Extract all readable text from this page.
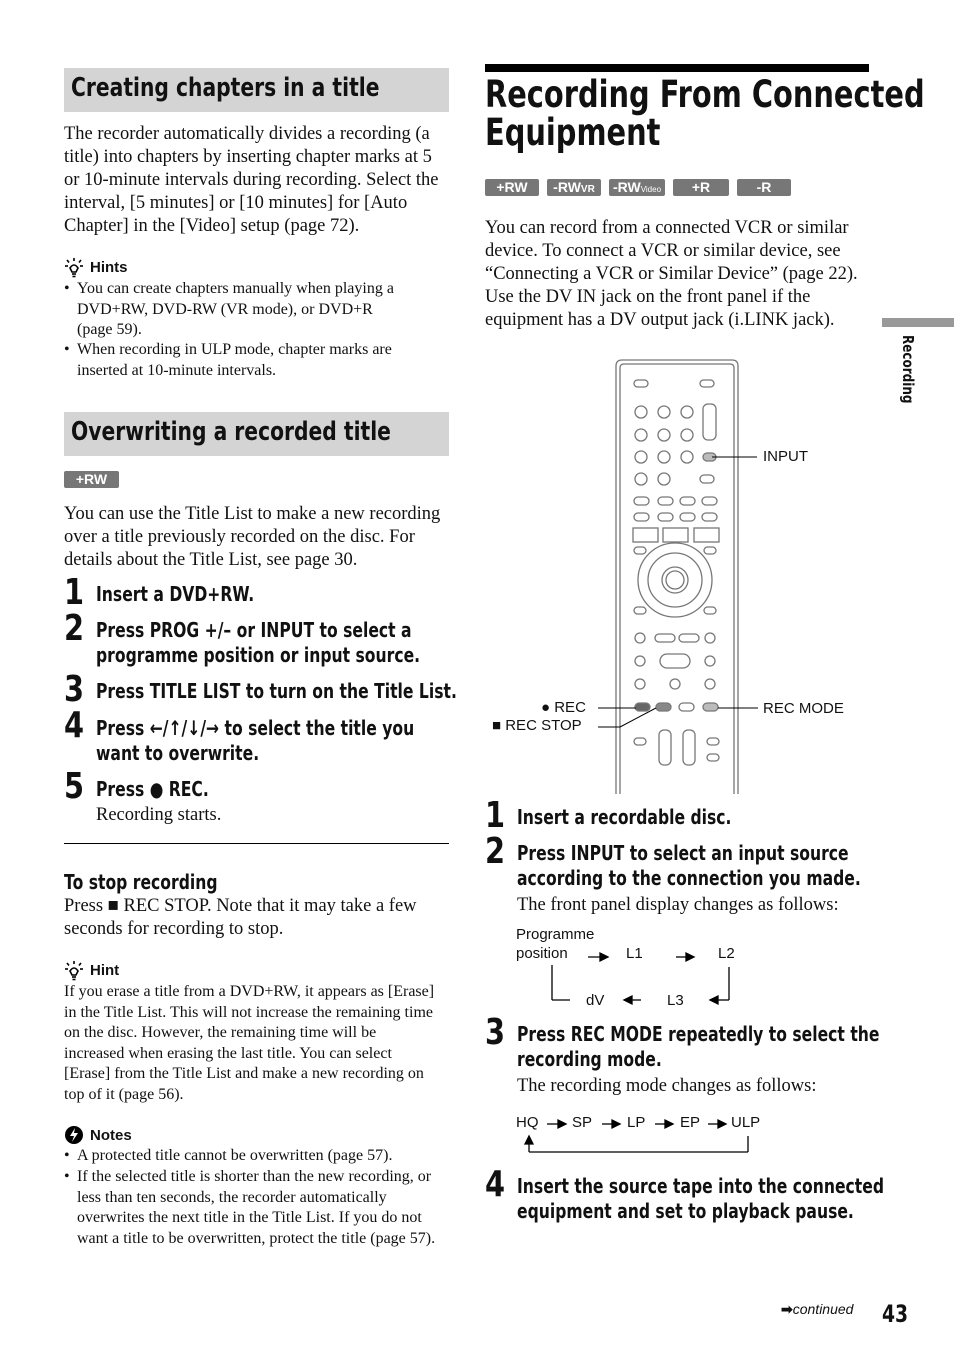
Creating chapters in a title
The recorder automatically divides a recording (a
title) into chapters by inserting chapter marks at 5
or 10-minute intervals during recording. Select the
interval, [5 minutes] or [10 minutes] for [Auto
Chapter] in the [Video] setup (page 72).
Hints
• You can create chapters manually when playing a
DVD+RW, DVD-RW (VR mode), or DVD+R
(page 59).
• When recording in ULP mode, chapter marks are
inserted at 10-minute intervals.
Overwriting a recorded title
+RW
You can use the Title List to make a new recording
over a title previously recorded on the disc. For
details about the Title List, see page 30.
1 Insert a DVD+RW.
2 Press PROG +/– or INPUT to select a
programme position or input source.
3 Press TITLE LIST to turn on the Title List.
4 Press ←/↑/↓/→ to select the title you
want to overwrite.
5 Press ● REC.
Recording starts.
To stop recording
Press ■ REC STOP. Note that it may take a few
seconds for recording to stop.
Hint
If you erase a title from a DVD+RW, it appears as [Erase]
in the Title List. This will not increase the remaining time
on the disc. However, the remaining time will be
increased when erasing the last title. You can select
[Erase] from the Title List and make a new recording on
top of it (page 56).
Notes
• A protected title cannot be overwritten (page 57).
• If the selected title is shorter than the new recording, or
less than ten seconds, the recorder automatically
overwrites the next title in the Title List. If you do not
want a title to be overwritten, protect the title (page 57).
Recording From Connected
Equipment
+RW	-RWVR	-RWVideo	+R	-R
You can record from a connected VCR or similar
device. To connect a VCR or similar device, see
“Connecting a VCR or Similar Device” (page 22).
Use the DV IN jack on the front panel if the
equipment has a DV output jack (i.LINK jack).
INPUT
● REC	REC MODE
■ REC STOP
1 Insert a recordable disc.
2 Press INPUT to select an input source
according to the connection you made.
The front panel display changes as follows:
Programme
position	L1	L2
L3
dV
3 Press REC MODE repeatedly to select the
recording mode.
The recording mode changes as follows:
HQ SP LP EP ULP
4 Insert the source tape into the connected
equipment and set to playback pause.
Recording
➡continued 43
